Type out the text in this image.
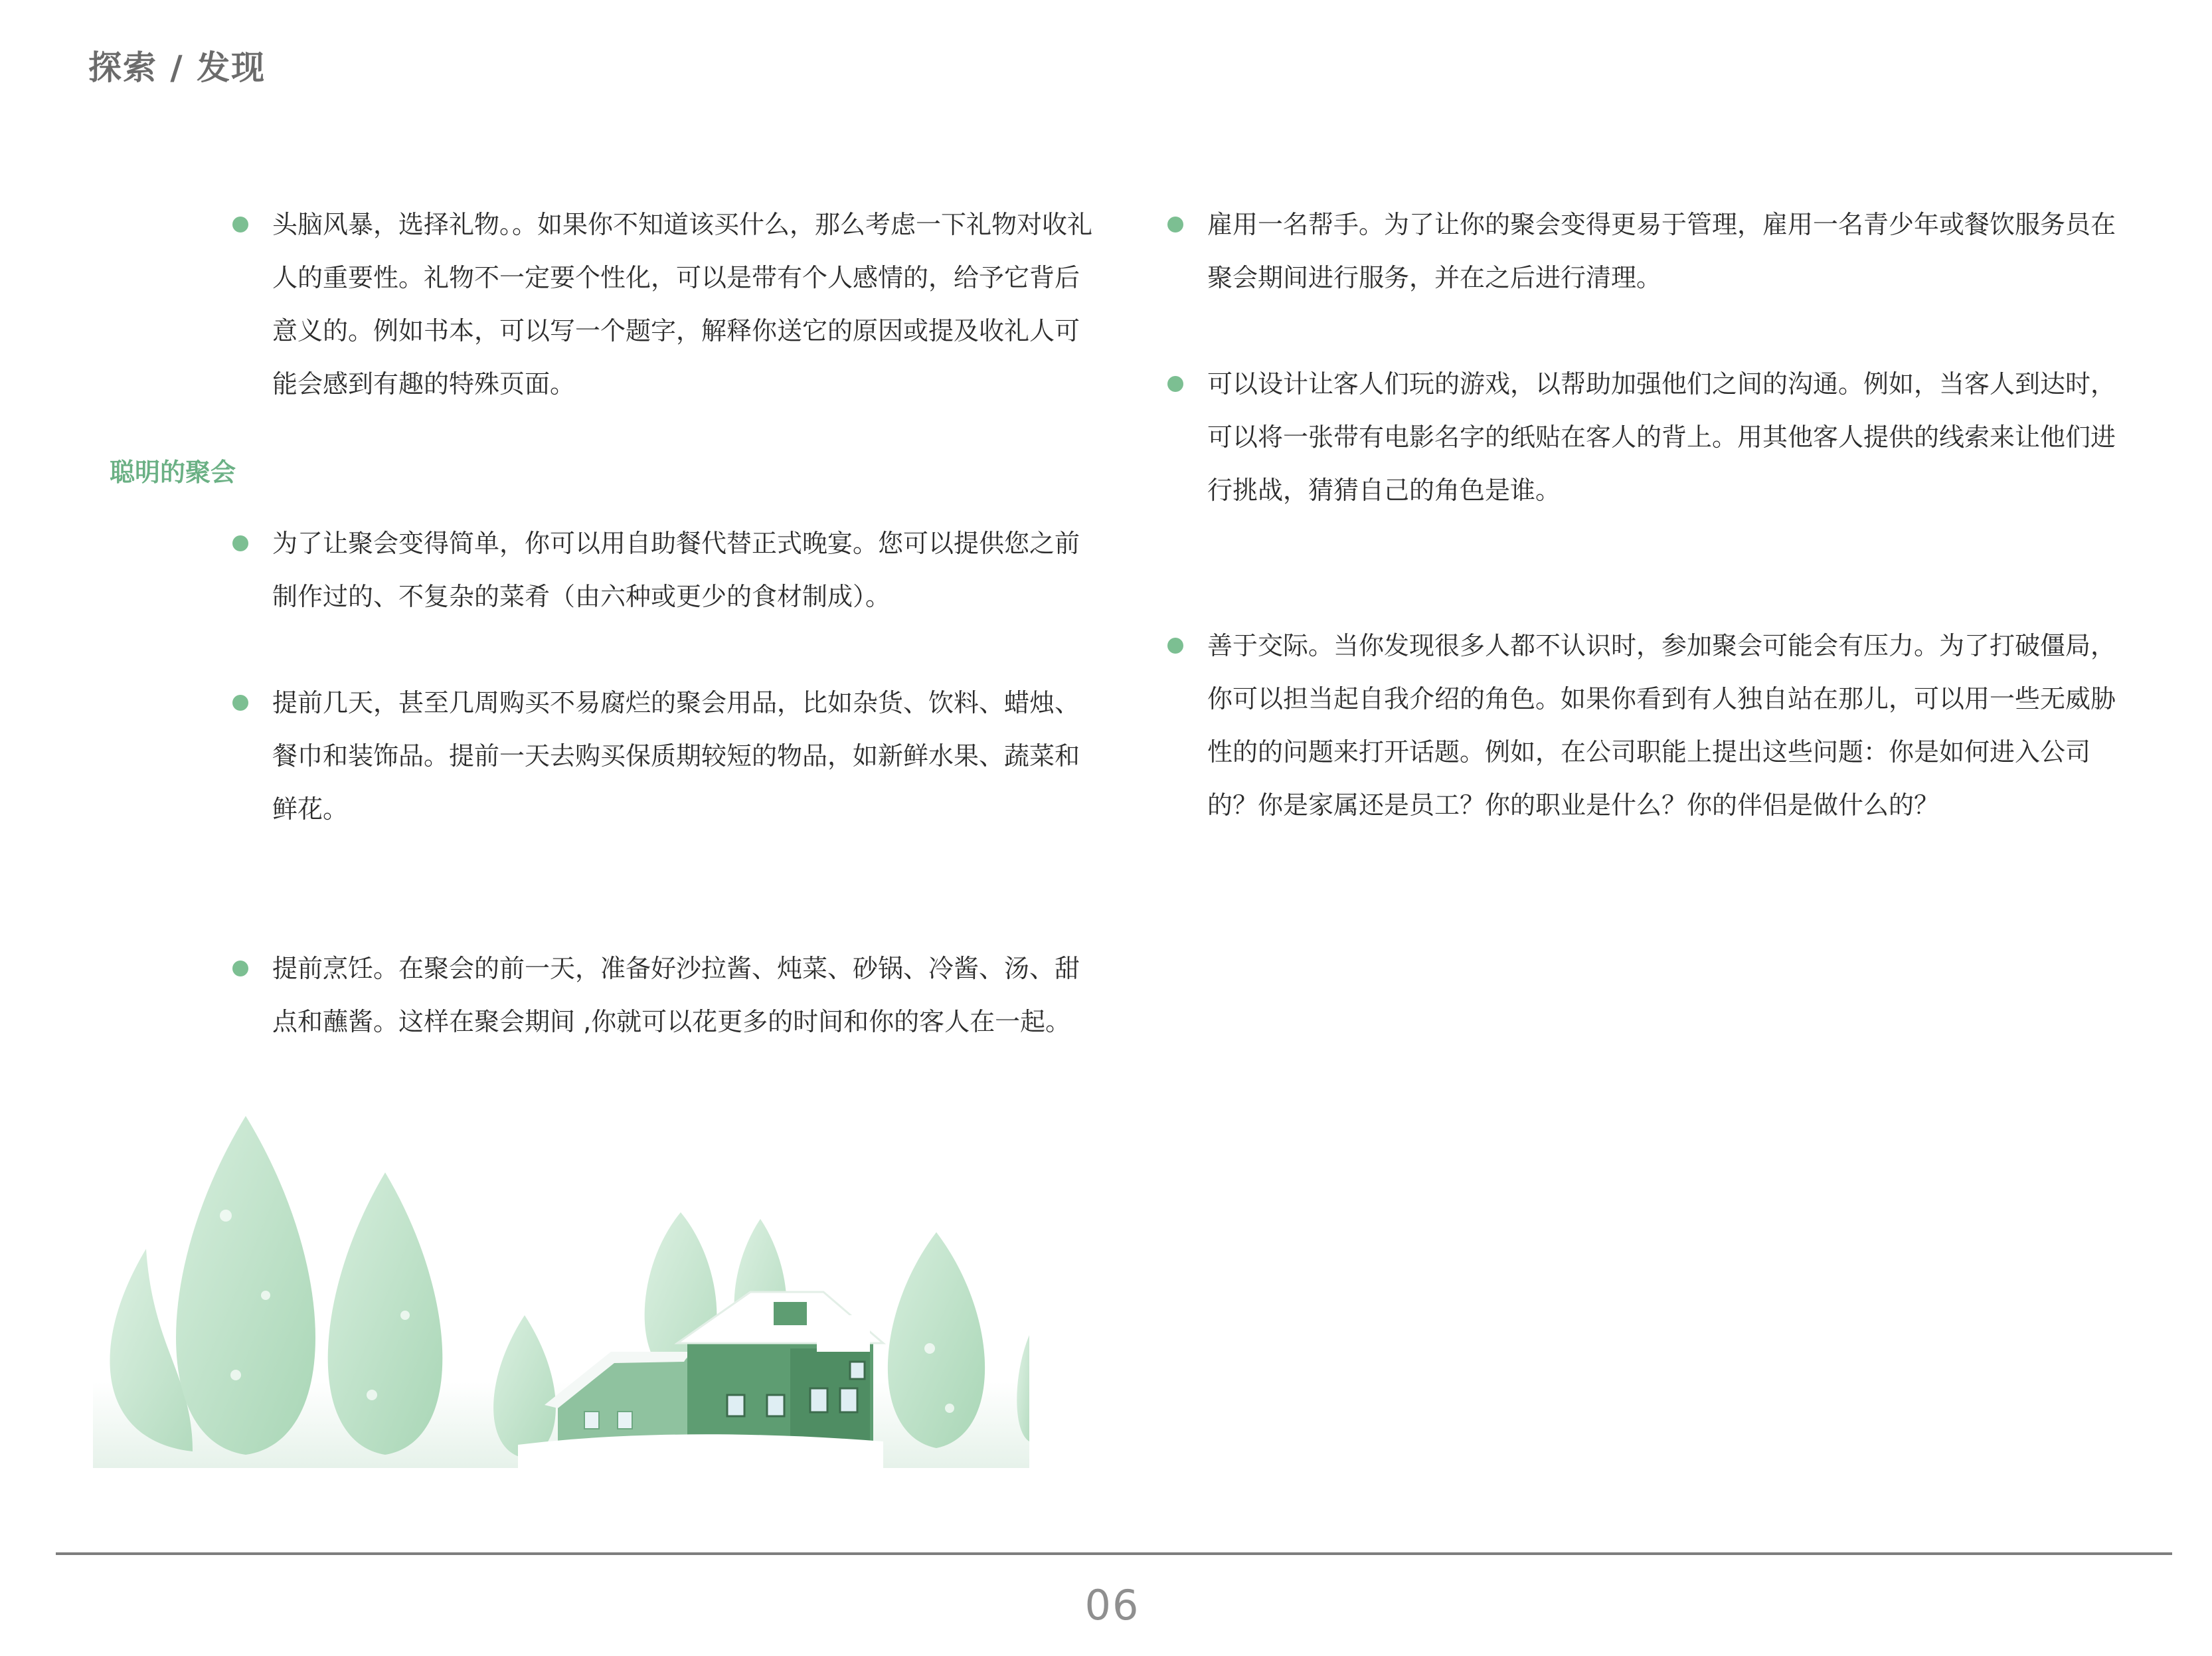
探索 / 发现
头脑风暴，选择礼物。。如果你不知道该买什么，那么考虑一下礼物对收礼人的重要性。礼物不一定要个性化，可以是带有个人感情的，给予它背后意义的。例如书本，可以写一个题字，解释你送它的原因或提及收礼人可能会感到有趣的特殊页面。
聪明的聚会
为了让聚会变得简单，你可以用自助餐代替正式晚宴。您可以提供您之前制作过的、不复杂的菜肴（由六种或更少的食材制成）。
提前几天，甚至几周购买不易腐烂的聚会用品，比如杂货、饮料、蜡烛、餐巾和装饰品。提前一天去购买保质期较短的物品，如新鲜水果、蔬菜和鲜花。
提前烹饪。在聚会的前一天，准备好沙拉酱、炖菜、砂锅、冷酱、汤、甜点和蘸酱。这样在聚会期间 ,你就可以花更多的时间和你的客人在一起。
雇用一名帮手。为了让你的聚会变得更易于管理，雇用一名青少年或餐饮服务员在聚会期间进行服务，并在之后进行清理。
可以设计让客人们玩的游戏，以帮助加强他们之间的沟通。例如，当客人到达时，可以将一张带有电影名字的纸贴在客人的背上。用其他客人提供的线索来让他们进行挑战，猜猜自己的角色是谁。
善于交际。当你发现很多人都不认识时，参加聚会可能会有压力。为了打破僵局，你可以担当起自我介绍的角色。如果你看到有人独自站在那儿，可以用一些无威胁性的的问题来打开话题。例如，在公司职能上提出这些问题：你是如何进入公司的？你是家属还是员工？你的职业是什么？你的伴侣是做什么的？
06
